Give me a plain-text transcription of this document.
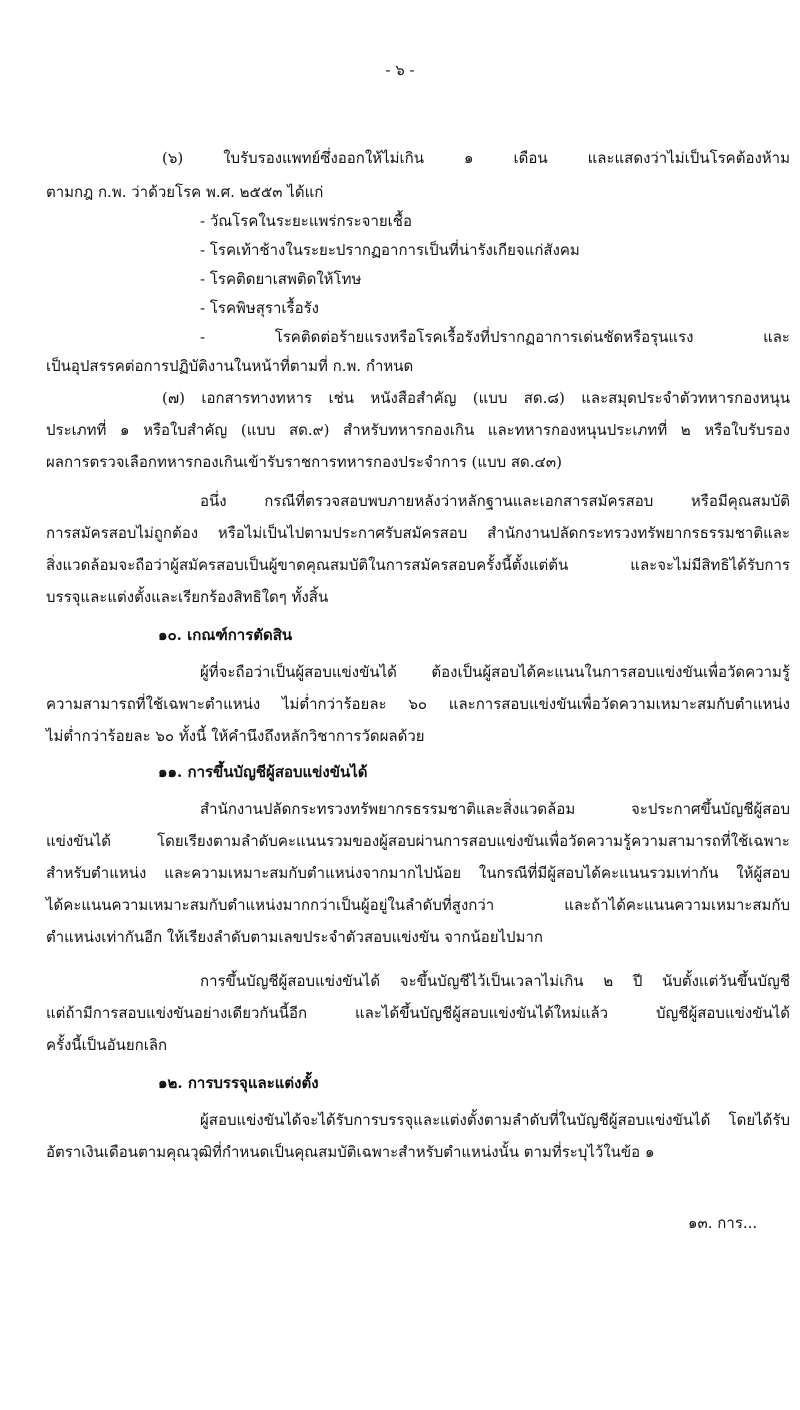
- ๖ -
(๖) ใบรับรองแพทย์ซึ่งออกให้ไม่เกิน ๑ เดือน และแสดงว่าไม่เป็นโรคต้องห้าม
ตามกฎ ก.พ. ว่าด้วยโรค พ.ศ. ๒๕๕๓ ได้แก่
- วัณโรคในระยะแพร่กระจายเชื้อ
- โรคเท้าช้างในระยะปรากฏอาการเป็นที่น่ารังเกียจแก่สังคม
- โรคติดยาเสพติดให้โทษ
- โรคพิษสุราเรื้อรัง
- โรคติดต่อร้ายแรงหรือโรคเรื้อรังที่ปรากฏอาการเด่นชัดหรือรุนแรง และ
เป็นอุปสรรคต่อการปฏิบัติงานในหน้าที่ตามที่ ก.พ. กำหนด
(๗) เอกสารทางทหาร เช่น หนังสือสำคัญ (แบบ สด.๘) และสมุดประจำตัวทหารกองหนุน
ประเภทที่ ๑ หรือใบสำคัญ (แบบ สด.๙) สำหรับทหารกองเกิน และทหารกองหนุนประเภทที่ ๒ หรือใบรับรอง
ผลการตรวจเลือกทหารกองเกินเข้ารับราชการทหารกองประจำการ (แบบ สด.๔๓)
อนึ่ง กรณีที่ตรวจสอบพบภายหลังว่าหลักฐานและเอกสารสมัครสอบ หรือมีคุณสมบัติ
การสมัครสอบไม่ถูกต้อง หรือไม่เป็นไปตามประกาศรับสมัครสอบ สำนักงานปลัดกระทรวงทรัพยากรธรรมชาติและ
สิ่งแวดล้อมจะถือว่าผู้สมัครสอบเป็นผู้ขาดคุณสมบัติในการสมัครสอบครั้งนี้ตั้งแต่ต้น และจะไม่มีสิทธิได้รับการ
บรรจุและแต่งตั้งและเรียกร้องสิทธิใดๆ ทั้งสิ้น
๑๐. เกณฑ์การตัดสิน
ผู้ที่จะถือว่าเป็นผู้สอบแข่งขันได้ ต้องเป็นผู้สอบได้คะแนนในการสอบแข่งขันเพื่อวัดความรู้
ความสามารถที่ใช้เฉพาะตำแหน่ง ไม่ต่ำกว่าร้อยละ ๖๐ และการสอบแข่งขันเพื่อวัดความเหมาะสมกับตำแหน่ง
ไม่ต่ำกว่าร้อยละ ๖๐ ทั้งนี้ ให้คำนึงถึงหลักวิชาการวัดผลด้วย
๑๑. การขึ้นบัญชีผู้สอบแข่งขันได้
สำนักงานปลัดกระทรวงทรัพยากรธรรมชาติและสิ่งแวดล้อม จะประกาศขึ้นบัญชีผู้สอบ
แข่งขันได้ โดยเรียงตามลำดับคะแนนรวมของผู้สอบผ่านการสอบแข่งขันเพื่อวัดความรู้ความสามารถที่ใช้เฉพาะ
สำหรับตำแหน่ง และความเหมาะสมกับตำแหน่งจากมากไปน้อย ในกรณีที่มีผู้สอบได้คะแนนรวมเท่ากัน ให้ผู้สอบ
ได้คะแนนความเหมาะสมกับตำแหน่งมากกว่าเป็นผู้อยู่ในลำดับที่สูงกว่า และถ้าได้คะแนนความเหมาะสมกับ
ตำแหน่งเท่ากันอีก ให้เรียงลำดับตามเลขประจำตัวสอบแข่งขัน จากน้อยไปมาก
การขึ้นบัญชีผู้สอบแข่งขันได้ จะขึ้นบัญชีไว้เป็นเวลาไม่เกิน ๒ ปี นับตั้งแต่วันขึ้นบัญชี
แต่ถ้ามีการสอบแข่งขันอย่างเดียวกันนี้อีก และได้ขึ้นบัญชีผู้สอบแข่งขันได้ใหม่แล้ว บัญชีผู้สอบแข่งขันได้
ครั้งนี้เป็นอันยกเลิก
๑๒. การบรรจุและแต่งตั้ง
ผู้สอบแข่งขันได้จะได้รับการบรรจุและแต่งตั้งตามลำดับที่ในบัญชีผู้สอบแข่งขันได้ โดยได้รับ
อัตราเงินเดือนตามคุณวุฒิที่กำหนดเป็นคุณสมบัติเฉพาะสำหรับตำแหน่งนั้น ตามที่ระบุไว้ในข้อ ๑
๑๓. การ...
